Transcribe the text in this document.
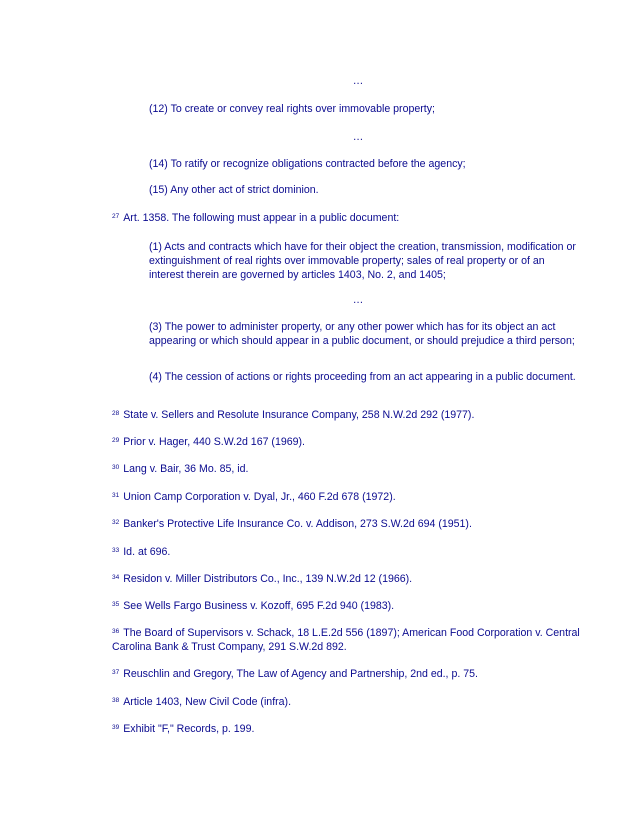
…
(12) To create or convey real rights over immovable property;
…
(14) To ratify or recognize obligations contracted before the agency;
(15) Any other act of strict dominion.
$^{27}$ Art. 1358. The following must appear in a public document:
(1) Acts and contracts which have for their object the creation, transmission, modification or extinguishment of real rights over immovable property; sales of real property or of an interest therein are governed by articles 1403, No. 2, and 1405;
…
(3) The power to administer property, or any other power which has for its object an act appearing or which should appear in a public document, or should prejudice a third person;
(4) The cession of actions or rights proceeding from an act appearing in a public document.
$^{28}$ State v. Sellers and Resolute Insurance Company, 258 N.W.2d 292 (1977).
$^{29}$ Prior v. Hager, 440 S.W.2d 167 (1969).
$^{30}$ Lang v. Bair, 36 Mo. 85, id.
$^{31}$ Union Camp Corporation v. Dyal, Jr., 460 F.2d 678 (1972).
$^{32}$ Banker's Protective Life Insurance Co. v. Addison, 273 S.W.2d 694 (1951).
$^{33}$ Id. at 696.
$^{34}$ Residon v. Miller Distributors Co., Inc., 139 N.W.2d 12 (1966).
$^{35}$ See Wells Fargo Business v. Kozoff, 695 F.2d 940 (1983).
$^{36}$ The Board of Supervisors v. Schack, 18 L.E.2d 556 (1897); American Food Corporation v. Central Carolina Bank & Trust Company, 291 S.W.2d 892.
$^{37}$ Reuschlin and Gregory, The Law of Agency and Partnership, 2nd ed., p. 75.
$^{38}$ Article 1403, New Civil Code (infra).
$^{39}$ Exhibit "F," Records, p. 199.
